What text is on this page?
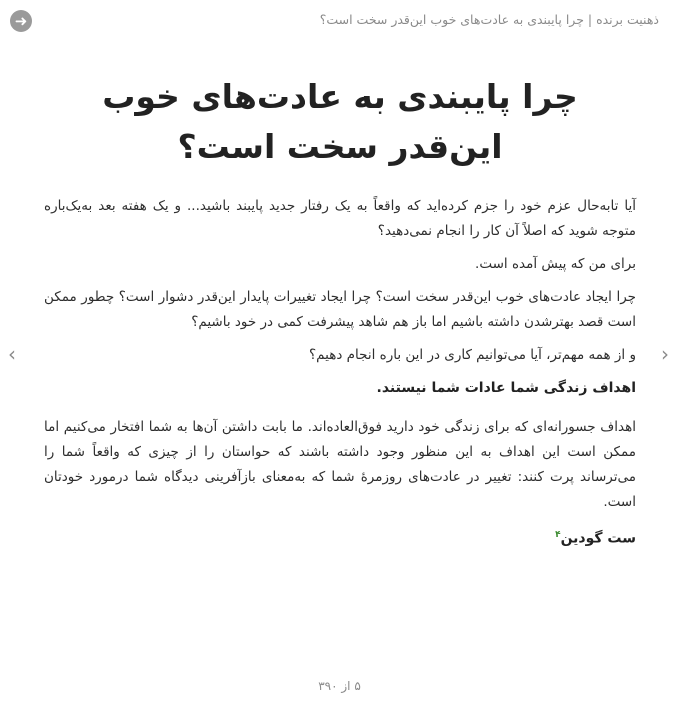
➜	ذهنیت برنده | چرا پایبندی به عادت‌های خوب این‌قدر سخت است؟
‹	›
چرا پایبندی به عادت‌های خوب این‌قدر سخت است؟

آیا تابه‌حال عزم خود را جزم کرده‌اید که واقعاً به یک رفتار جدید پایبند باشید... و یک هفته بعد به‌یک‌باره متوجه شوید که اصلاً آن کار را انجام نمی‌دهید؟

برای من که پیش آمده است.

چرا ایجاد عادت‌های خوب این‌قدر سخت است؟ چرا ایجاد تغییرات پایدار این‌قدر دشوار است؟ چطور ممکن است قصد بهترشدن داشته باشیم اما باز هم شاهد پیشرفت کمی در خود باشیم؟

و از همه مهم‌تر، آیا می‌توانیم کاری در این باره انجام دهیم؟

اهداف زندگی شما عادات شما نیستند.

اهداف جسورانه‌ای که برای زندگی خود دارید فوق‌العاده‌اند. ما بابت داشتن آن‌ها به شما افتخار می‌کنیم اما ممکن است این اهداف به این منظور وجود داشته باشند که حواستان را از چیزی که واقعاً شما را می‌ترساند پرت کنند: تغییر در عادت‌های روزمرهٔ شما که به‌معنای بازآفرینی دیدگاه شما درمورد خودتان است.

ست گودین$^۴$

۵ از ۳۹۰
